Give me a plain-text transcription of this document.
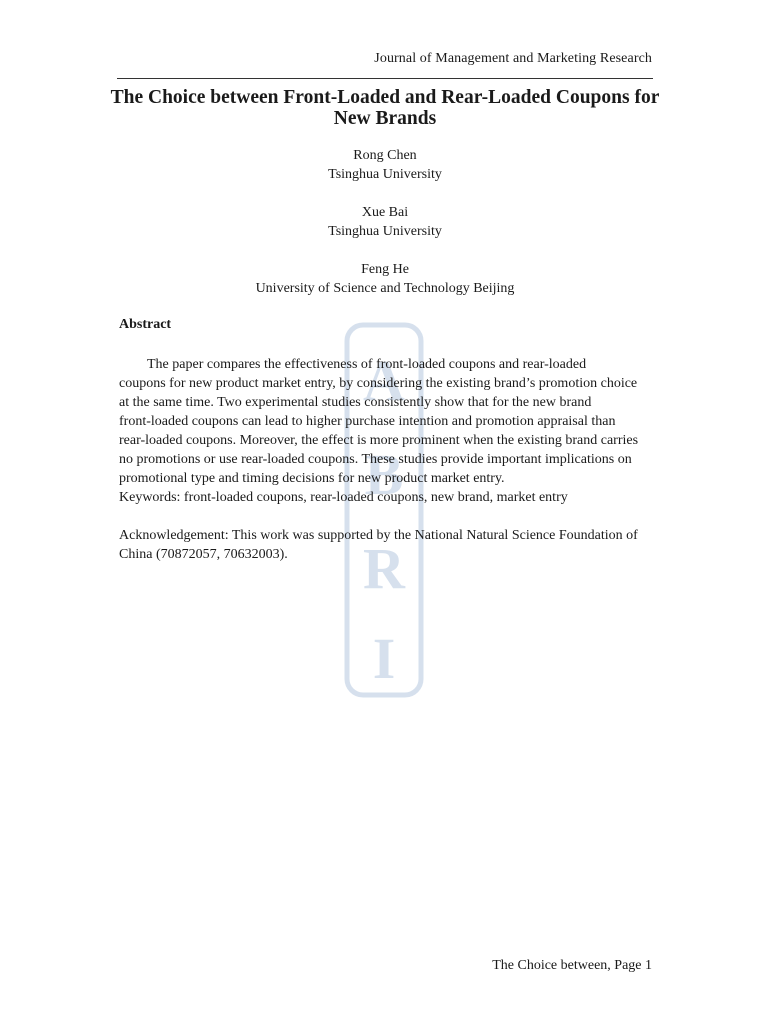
A
B
R
I
Journal of Management and Marketing Research
The Choice between Front-Loaded and Rear-Loaded Coupons for
New Brands
Rong Chen
Tsinghua University
Xue Bai
Tsinghua University
Feng He
University of Science and Technology Beijing
Abstract

The paper compares the effectiveness of front-loaded coupons and rear-loaded

coupons for new product market entry, by considering the existing brand’s promotion choice

at the same time. Two experimental studies consistently show that for the new brand

front-loaded coupons can lead to higher purchase intention and promotion appraisal than

rear-loaded coupons. Moreover, the effect is more prominent when the existing brand carries

no promotions or use rear-loaded coupons. These studies provide important implications on

promotional type and timing decisions for new product market entry.

Keywords: front-loaded coupons, rear-loaded coupons, new brand, market entry

Acknowledgement: This work was supported by the National Natural Science Foundation of
China (70872057, 70632003).
The Choice between, Page 1
